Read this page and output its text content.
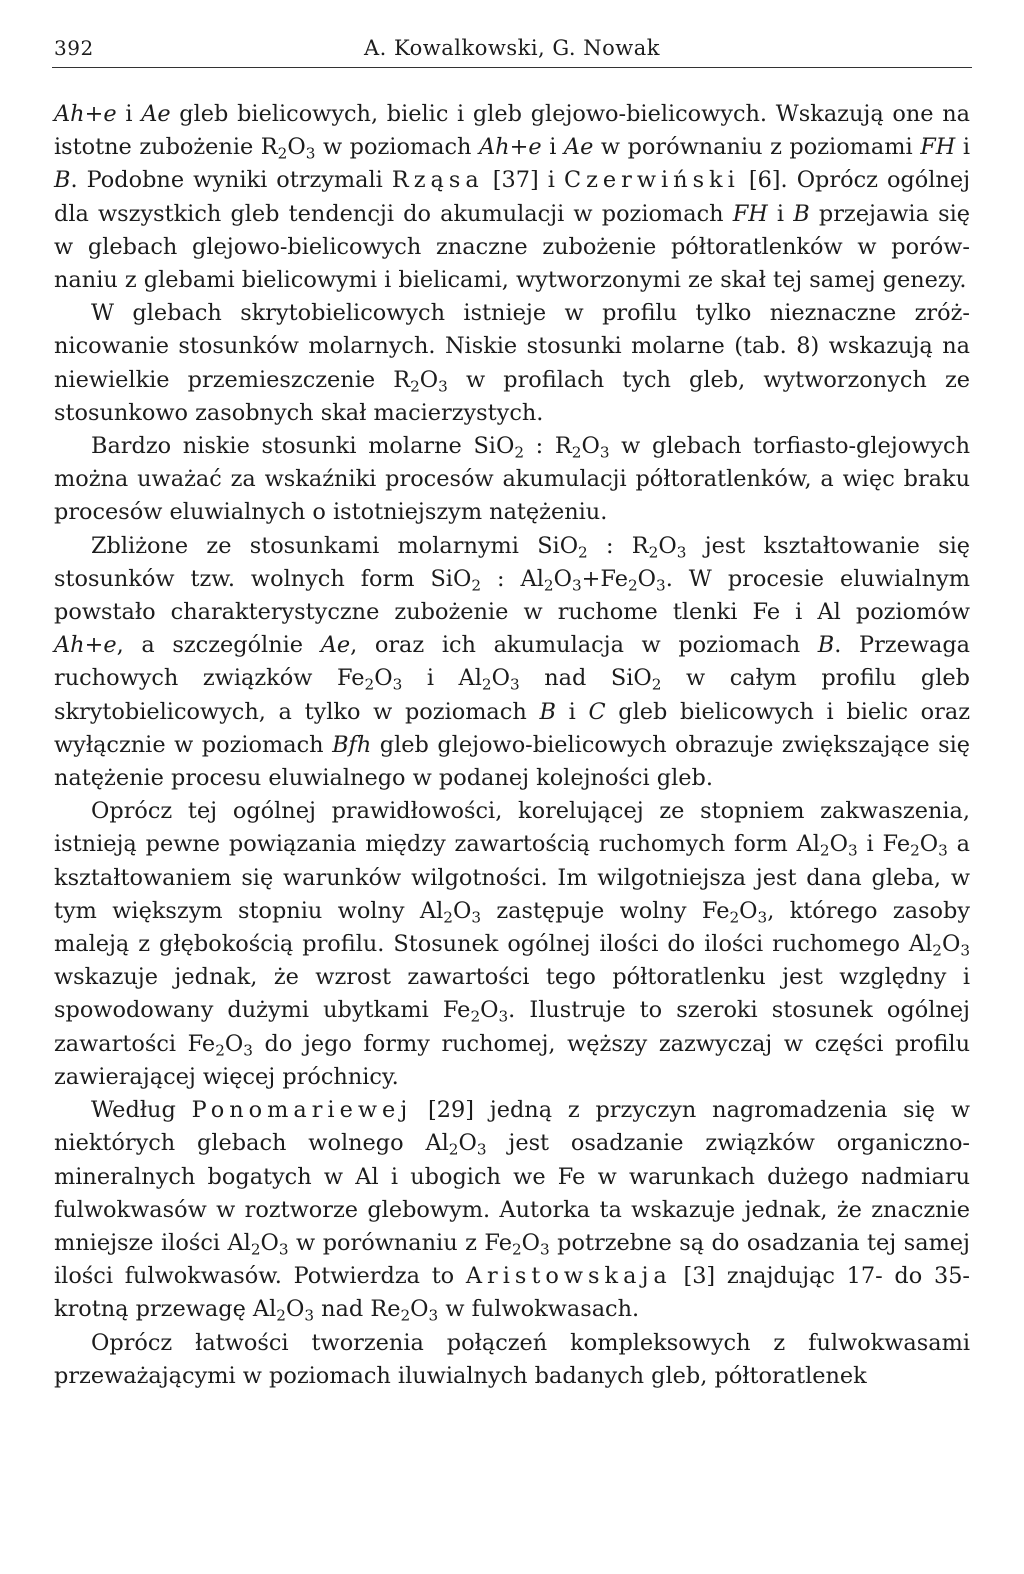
392	A. Kowalkowski, G. Nowak

Ah+e i Ae gleb bielicowych, bielic i gleb glejowo-bielicowych. Wskazują one na istotne zubożenie $R_2O_3$ w poziomach Ah+e i Ae w porównaniu z poziomami FH i B. Podobne wyniki otrzymali Rząsa [37] i Czerwiński [6]. Oprócz ogólnej dla wszystkich gleb tendencji do akumulacji w poziomach FH i B przejawia się w glebach glejowo-bielicowych znaczne zubożenie półtoratlenków w porównaniu z glebami bielicowymi i bielicami, wytworzonymi ze skał tej samej genezy.

W glebach skrytobielicowych istnieje w profilu tylko nieznaczne zróżnicowanie stosunków molarnych. Niskie stosunki molarne (tab. 8) wskazują na niewielkie przemieszczenie $R_2O_3$ w profilach tych gleb, wytworzonych ze stosunkowo zasobnych skał macierzystych.

Bardzo niskie stosunki molarne SiO$_2$ : $R_2O_3$ w glebach torfiasto-glejowych można uważać za wskaźniki procesów akumulacji półtoratlenków, a więc braku procesów eluwialnych o istotniejszym natężeniu.

Zbliżone ze stosunkami molarnymi SiO$_2$ : $R_2O_3$ jest kształtowanie się stosunków tzw. wolnych form SiO$_2$ : $Al_2O_3+Fe_2O_3$. W procesie eluwialnym powstało charakterystyczne zubożenie w ruchome tlenki Fe i Al poziomów Ah+e, a szczególnie Ae, oraz ich akumulacja w poziomach B. Przewaga ruchowych związków $Fe_2O_3$ i $Al_2O_3$ nad SiO$_2$ w całym profilu gleb skrytobielicowych, a tylko w poziomach B i C gleb bielicowych i bielic oraz wyłącznie w poziomach Bfh gleb glejowo-bielicowych obrazuje zwiększające się natężenie procesu eluwialnego w podanej kolejności gleb.

Oprócz tej ogólnej prawidłowości, korelującej ze stopniem zakwaszenia, istnieją pewne powiązania między zawartością ruchomych form $Al_2O_3$ i $Fe_2O_3$ a kształtowaniem się warunków wilgotności. Im wilgotniejsza jest dana gleba, w tym większym stopniu wolny $Al_2O_3$ zastępuje wolny $Fe_2O_3$, którego zasoby maleją z głębokością profilu. Stosunek ogólnej ilości do ilości ruchomego $Al_2O_3$ wskazuje jednak, że wzrost zawartości tego półtoratlenku jest względny i spowodowany dużymi ubytkami $Fe_2O_3$. Ilustruje to szeroki stosunek ogólnej zawartości $Fe_2O_3$ do jego formy ruchomej, węższy zazwyczaj w części profilu zawierającej więcej próchnicy.

Według Ponomariewej [29] jedną z przyczyn nagromadzenia się w niektórych glebach wolnego $Al_2O_3$ jest osadzanie związków organiczno-mineralnych bogatych w Al i ubogich we Fe w warunkach dużego nadmiaru fulwokwasów w roztworze glebowym. Autorka ta wskazuje jednak, że znacznie mniejsze ilości $Al_2O_3$ w porównaniu z $Fe_2O_3$ potrzebne są do osadzania tej samej ilości fulwokwasów. Potwierdza to Aristowskaja [3] znajdując 17- do 35-krotną przewagę $Al_2O_3$ nad $Re_2O_3$ w fulwokwasach.

Oprócz łatwości tworzenia połączeń kompleksowych z fulwokwasami przeważającymi w poziomach iluwialnych badanych gleb, półtoratlenek
